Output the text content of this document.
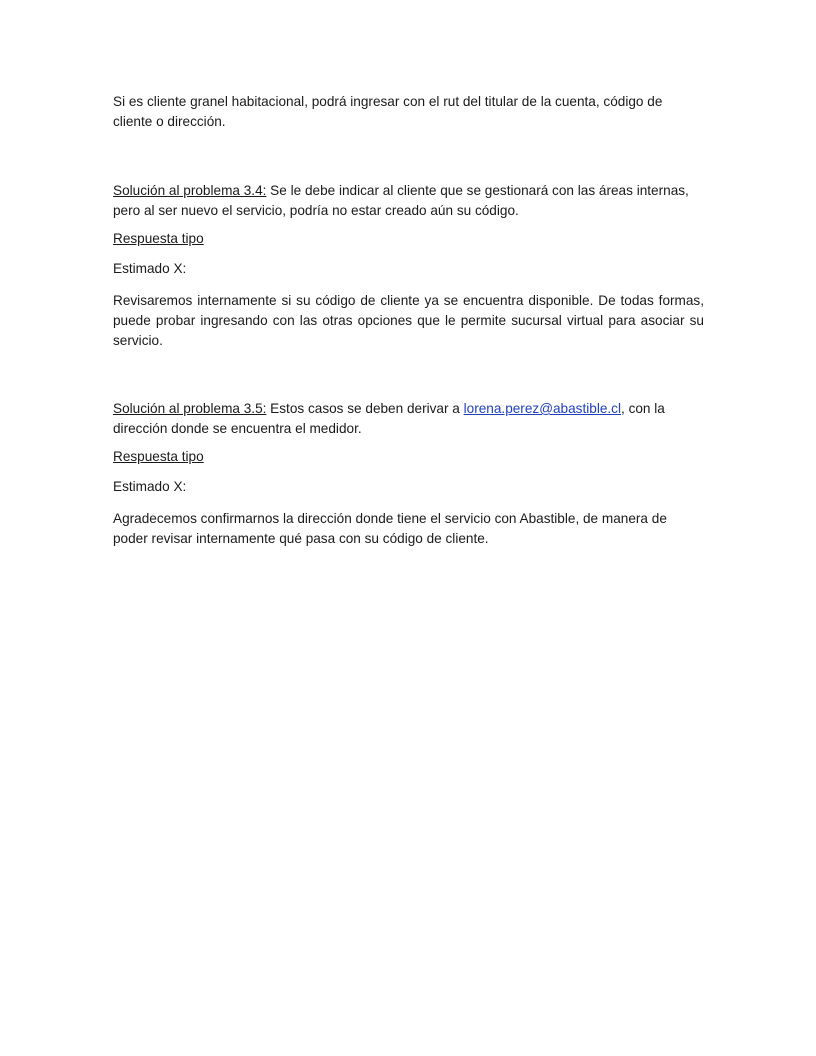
Si es cliente granel habitacional, podrá ingresar con el rut del titular de la cuenta, código de cliente o dirección.

Solución al problema 3.4: Se le debe indicar al cliente que se gestionará con las áreas internas, pero al ser nuevo el servicio, podría no estar creado aún su código.

Respuesta tipo

Estimado X:

Revisaremos internamente si su código de cliente ya se encuentra disponible. De todas formas, puede probar ingresando con las otras opciones que le permite sucursal virtual para asociar su servicio.

Solución al problema 3.5: Estos casos se deben derivar a lorena.perez@abastible.cl, con la dirección donde se encuentra el medidor.

Respuesta tipo

Estimado X:

Agradecemos confirmarnos la dirección donde tiene el servicio con Abastible, de manera de poder revisar internamente qué pasa con su código de cliente.
